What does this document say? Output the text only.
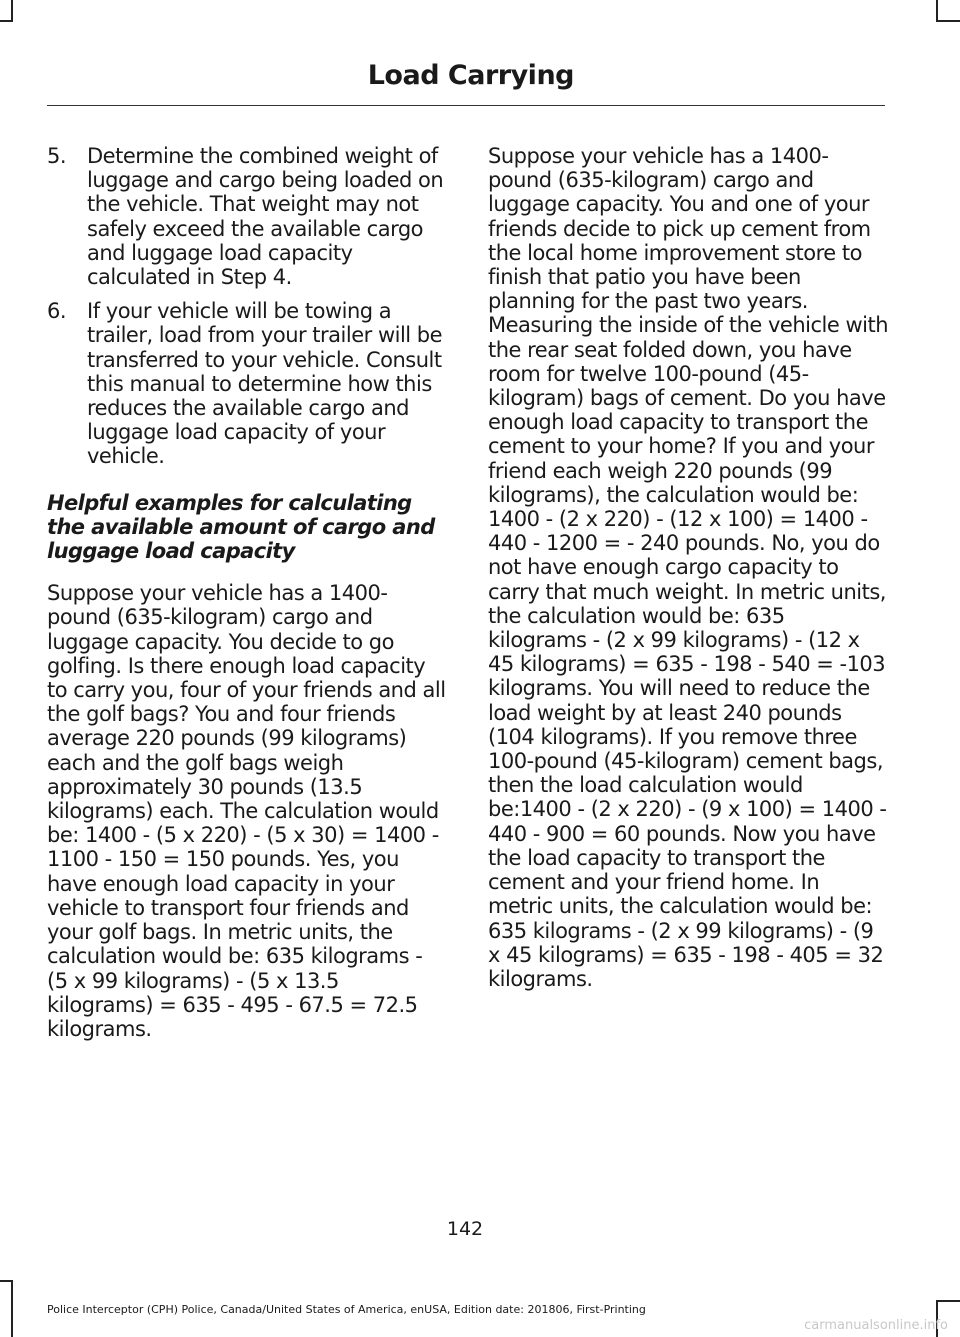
Load Carrying
5. Determine the combined weight of luggage and cargo being loaded on the vehicle. That weight may not safely exceed the available cargo and luggage load capacity calculated in Step 4.
6. If your vehicle will be towing a trailer, load from your trailer will be transferred to your vehicle. Consult this manual to determine how this reduces the available cargo and luggage load capacity of your vehicle.
Helpful examples for calculating the available amount of cargo and luggage load capacity

Suppose your vehicle has a 1400-pound (635-kilogram) cargo and luggage capacity. You decide to go golfing. Is there enough load capacity to carry you, four of your friends and all the golf bags? You and four friends average 220 pounds (99 kilograms) each and the golf bags weigh approximately 30 pounds (13.5 kilograms) each. The calculation would be: 1400 - (5 x 220) - (5 x 30) = 1400 - 1100 - 150 = 150 pounds. Yes, you have enough load capacity in your vehicle to transport four friends and your golf bags. In metric units, the calculation would be: 635 kilograms - (5 x 99 kilograms) - (5 x 13.5 kilograms) = 635 - 495 - 67.5 = 72.5 kilograms.

Suppose your vehicle has a 1400-pound (635-kilogram) cargo and luggage capacity. You and one of your friends decide to pick up cement from the local home improvement store to finish that patio you have been planning for the past two years. Measuring the inside of the vehicle with the rear seat folded down, you have room for twelve 100-pound (45-kilogram) bags of cement. Do you have enough load capacity to transport the cement to your home? If you and your friend each weigh 220 pounds (99 kilograms), the calculation would be: 1400 - (2 x 220) - (12 x 100) = 1400 - 440 - 1200 = - 240 pounds. No, you do not have enough cargo capacity to carry that much weight. In metric units, the calculation would be: 635 kilograms - (2 x 99 kilograms) - (12 x 45 kilograms) = 635 - 198 - 540 = -103 kilograms. You will need to reduce the load weight by at least 240 pounds (104 kilograms). If you remove three 100-pound (45-kilogram) cement bags, then the load calculation would be:1400 - (2 x 220) - (9 x 100) = 1400 - 440 - 900 = 60 pounds. Now you have the load capacity to transport the cement and your friend home. In metric units, the calculation would be: 635 kilograms - (2 x 99 kilograms) - (9 x 45 kilograms) = 635 - 198 - 405 = 32 kilograms.

142
Police Interceptor (CPH) Police, Canada/United States of America, enUSA, Edition date: 201806, First-Printing
carmanualsonline.info
